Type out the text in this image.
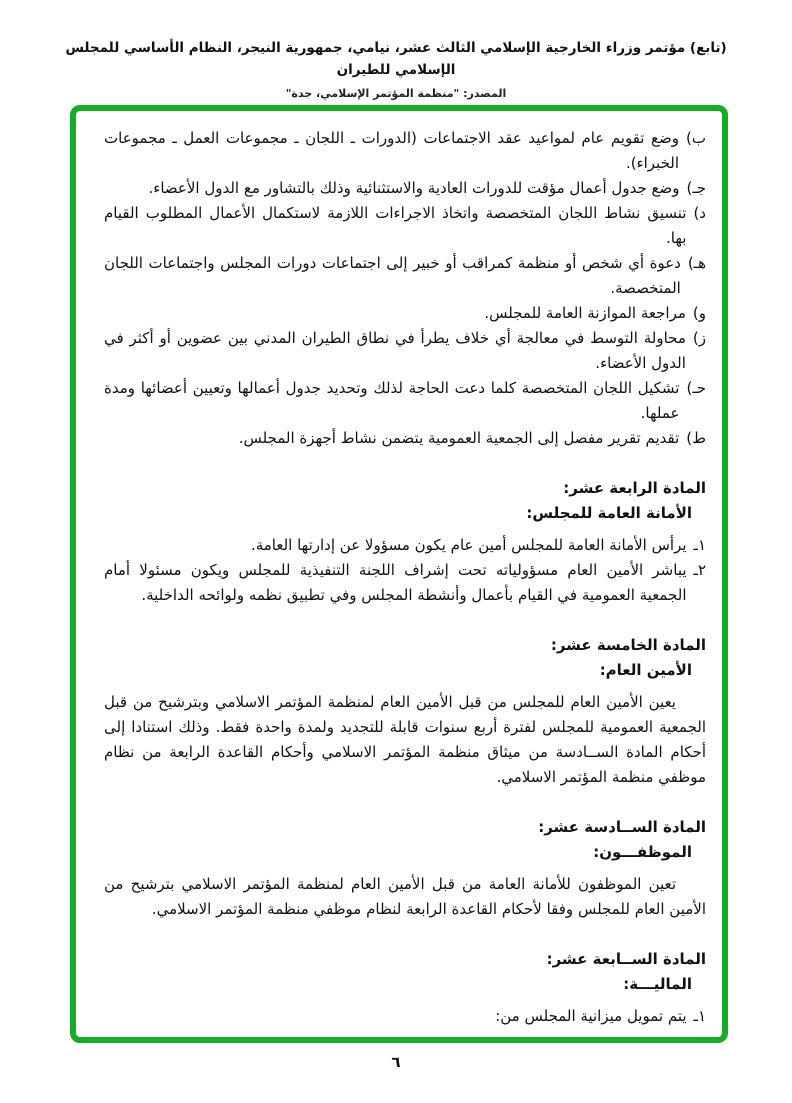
(تابع) مؤتمر وزراء الخارجية الإسلامي الثالث عشر، نيامي، جمهورية النيجر، النظام الأساسي للمجلس الإسلامي للطيران
المصدر: "منظمة المؤتمر الإسلامي، جدة"
ب)
وضع تقويم عام لمواعيد عقد الاجتماعات (الدورات ـ اللجان ـ مجموعات العمل ـ مجموعات الخبراء).
جـ)
وضع جدول أعمال مؤقت للدورات العادية والاستثنائية وذلك بالتشاور مع الدول الأعضاء.
د)
تنسيق نشاط اللجان المتخصصة واتخاذ الاجراءات اللازمة لاستكمال الأعمال المطلوب القيام بها.
هـ)
دعوة أي شخص أو منظمة كمراقب أو خبير إلى اجتماعات دورات المجلس واجتماعات اللجان المتخصصة.
و)
مراجعة الموازنة العامة للمجلس.
ز)
محاولة التوسط في معالجة أي خلاف يطرأ في نطاق الطيران المدني بين عضوين أو أكثر في الدول الأعضاء.
حـ)
تشكيل اللجان المتخصصة كلما دعت الحاجة لذلك وتحديد جدول أعمالها وتعيين أعضائها ومدة عملها.
ط)
تقديم تقرير مفصل إلى الجمعية العمومية يتضمن نشاط أجهزة المجلس.
المادة الرابعة عشر:
الأمانة العامة للمجلس:
١ـ
يرأس الأمانة العامة للمجلس أمين عام يكون مسؤولا عن إدارتها العامة.
٢ـ
يباشر الأمين العام مسؤولياته تحت إشراف اللجنة التنفيذية للمجلس ويكون مسئولا أمام الجمعية العمومية في القيام بأعمال وأنشطة المجلس وفي تطبيق نظمه ولوائحه الداخلية.
المادة الخامسة عشر:
الأمين العام:

يعين الأمين العام للمجلس من قبل الأمين العام لمنظمة المؤتمر الاسلامي وبترشيح من قبل الجمعية العمومية للمجلس لفترة أربع سنوات قابلة للتجديد ولمدة واحدة فقط. وذلك استنادا إلى أحكام المادة الســادسة من ميثاق منظمة المؤتمر الاسلامي وأحكام القاعدة الرابعة من نظام موظفي منظمة المؤتمر الاسلامي.

المادة الســادسة عشر:
الموظفـــون:

تعين الموظفون للأمانة العامة من قبل الأمين العام لمنظمة المؤتمر الاسلامي بترشيح من الأمين العام للمجلس وفقا لأحكام القاعدة الرابعة لنظام موظفي منظمة المؤتمر الاسلامي.

المادة الســابعة عشر:
الماليـــة:
١ـ
يتم تمويل ميزانية المجلس من:
٦
